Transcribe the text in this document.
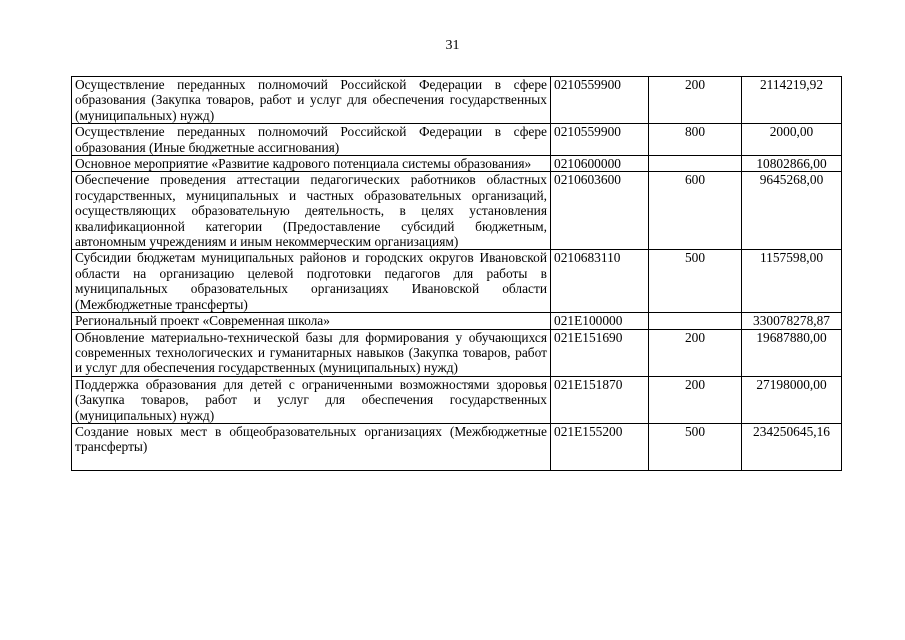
31
Осуществление переданных полномочий Российской Федерации в сфере образования (Закупка товаров, работ и услуг для обеспечения государственных (муниципальных) нужд)	0210559900	200	2114219,92
Осуществление переданных полномочий Российской Федерации в сфере образования (Иные бюджетные ассигнования)	0210559900	800	2000,00
Основное мероприятие «Развитие кадрового потенциала системы образования»	0210600000		10802866,00
Обеспечение проведения аттестации педагогических работников областных государственных, муниципальных и частных образовательных организаций, осуществляющих образовательную деятельность, в целях установления квалификационной категории (Предоставление субсидий бюджетным, автономным учреждениям и иным некоммерческим организациям)	0210603600	600	9645268,00
Субсидии бюджетам муниципальных районов и городских округов Ивановской области на организацию целевой подготовки педагогов для работы в муниципальных образовательных организациях Ивановской области (Межбюджетные трансферты)	0210683110	500	1157598,00
Региональный проект «Современная школа»	021E100000		330078278,87
Обновление материально-технической базы для формирования у обучающихся современных технологических и гуманитарных навыков (Закупка товаров, работ и услуг для обеспечения государственных (муниципальных) нужд)	021E151690	200	19687880,00
Поддержка образования для детей с ограниченными возможностями здоровья (Закупка товаров, работ и услуг для обеспечения государственных (муниципальных) нужд)	021E151870	200	27198000,00
Создание новых мест в общеобразовательных организациях (Межбюджетные трансферты)	021E155200	500	234250645,16
